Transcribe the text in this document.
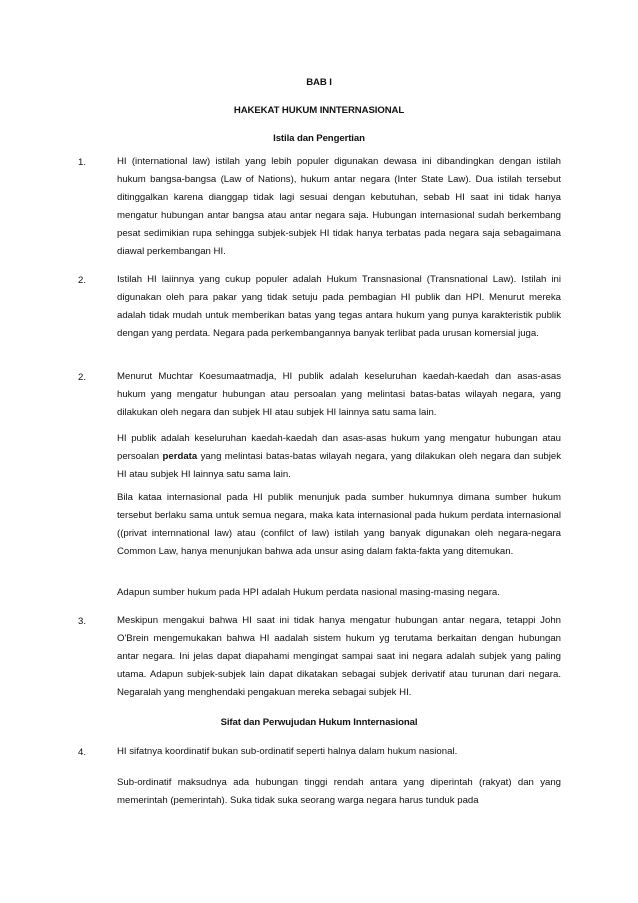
BAB I
HAKEKAT HUKUM INNTERNASIONAL
Istila dan Pengertian
1.	HI (international law) istilah yang lebih populer digunakan dewasa ini dibandingkan dengan istilah hukum bangsa-bangsa (Law of Nations), hukum antar negara (Inter State Law). Dua istilah tersebut ditinggalkan karena dianggap tidak lagi sesuai dengan kebutuhan, sebab HI saat ini tidak hanya mengatur hubungan antar bangsa atau antar negara saja. Hubungan internasional sudah berkembang pesat sedimikian rupa sehingga subjek-subjek HI tidak hanya terbatas pada negara saja sebagaimana diawal perkembangan HI.

2.	Istilah HI laiinnya yang cukup populer adalah Hukum Transnasional (Transnational Law). Istilah ini digunakan oleh para pakar yang tidak setuju pada pembagian HI publik dan HPI. Menurut mereka adalah tidak mudah untuk memberikan batas yang tegas antara hukum yang punya karakteristik publik dengan yang perdata. Negara pada perkembangannya banyak terlibat pada urusan komersial juga.

2.	Menurut Muchtar Koesumaatmadja, HI publik adalah keseluruhan kaedah-kaedah dan asas-asas hukum yang mengatur hubungan atau persoalan yang melintasi batas-batas wilayah negara, yang dilakukan oleh negara dan subjek HI atau subjek HI lainnya satu sama lain.

HI publik adalah keseluruhan kaedah-kaedah dan asas-asas hukum yang mengatur hubungan atau persoalan perdata yang melintasi batas-batas wilayah negara, yang dilakukan oleh negara dan subjek HI atau subjek HI lainnya satu sama lain.

Bila kataa internasional pada HI publik menunjuk pada sumber hukumnya dimana sumber hukum tersebut berlaku sama untuk semua negara, maka kata internasional pada hukum perdata internasional ((privat internnational law) atau (confilct of law) istilah yang banyak digunakan oleh negara-negara Common Law, hanya menunjukan bahwa ada unsur asing dalam fakta-fakta yang ditemukan.

Adapun sumber hukum pada HPI adalah Hukum perdata nasional masing-masing negara.

3.	Meskipun mengakui bahwa HI saat ini tidak hanya mengatur hubungan antar negara, tetappi John O'Brein mengemukakan bahwa HI aadalah sistem hukum yg terutama berkaitan dengan hubungan antar negara. Ini jelas dapat diapahami mengingat sampai saat ini negara adalah subjek yang paling utama. Adapun subjek-subjek lain dapat dikatakan sebagai subjek derivatif atau turunan dari negara. Negaralah yang menghendaki pengakuan mereka sebagai subjek HI.

Sifat dan Perwujudan Hukum Innternasional
4.	HI sifatnya koordinatif bukan sub-ordinatif seperti halnya dalam hukum nasional.

Sub-ordinatif maksudnya ada hubungan tinggi rendah antara yang diperintah (rakyat) dan yang memerintah (pemerintah). Suka tidak suka seorang warga negara harus tunduk pada
